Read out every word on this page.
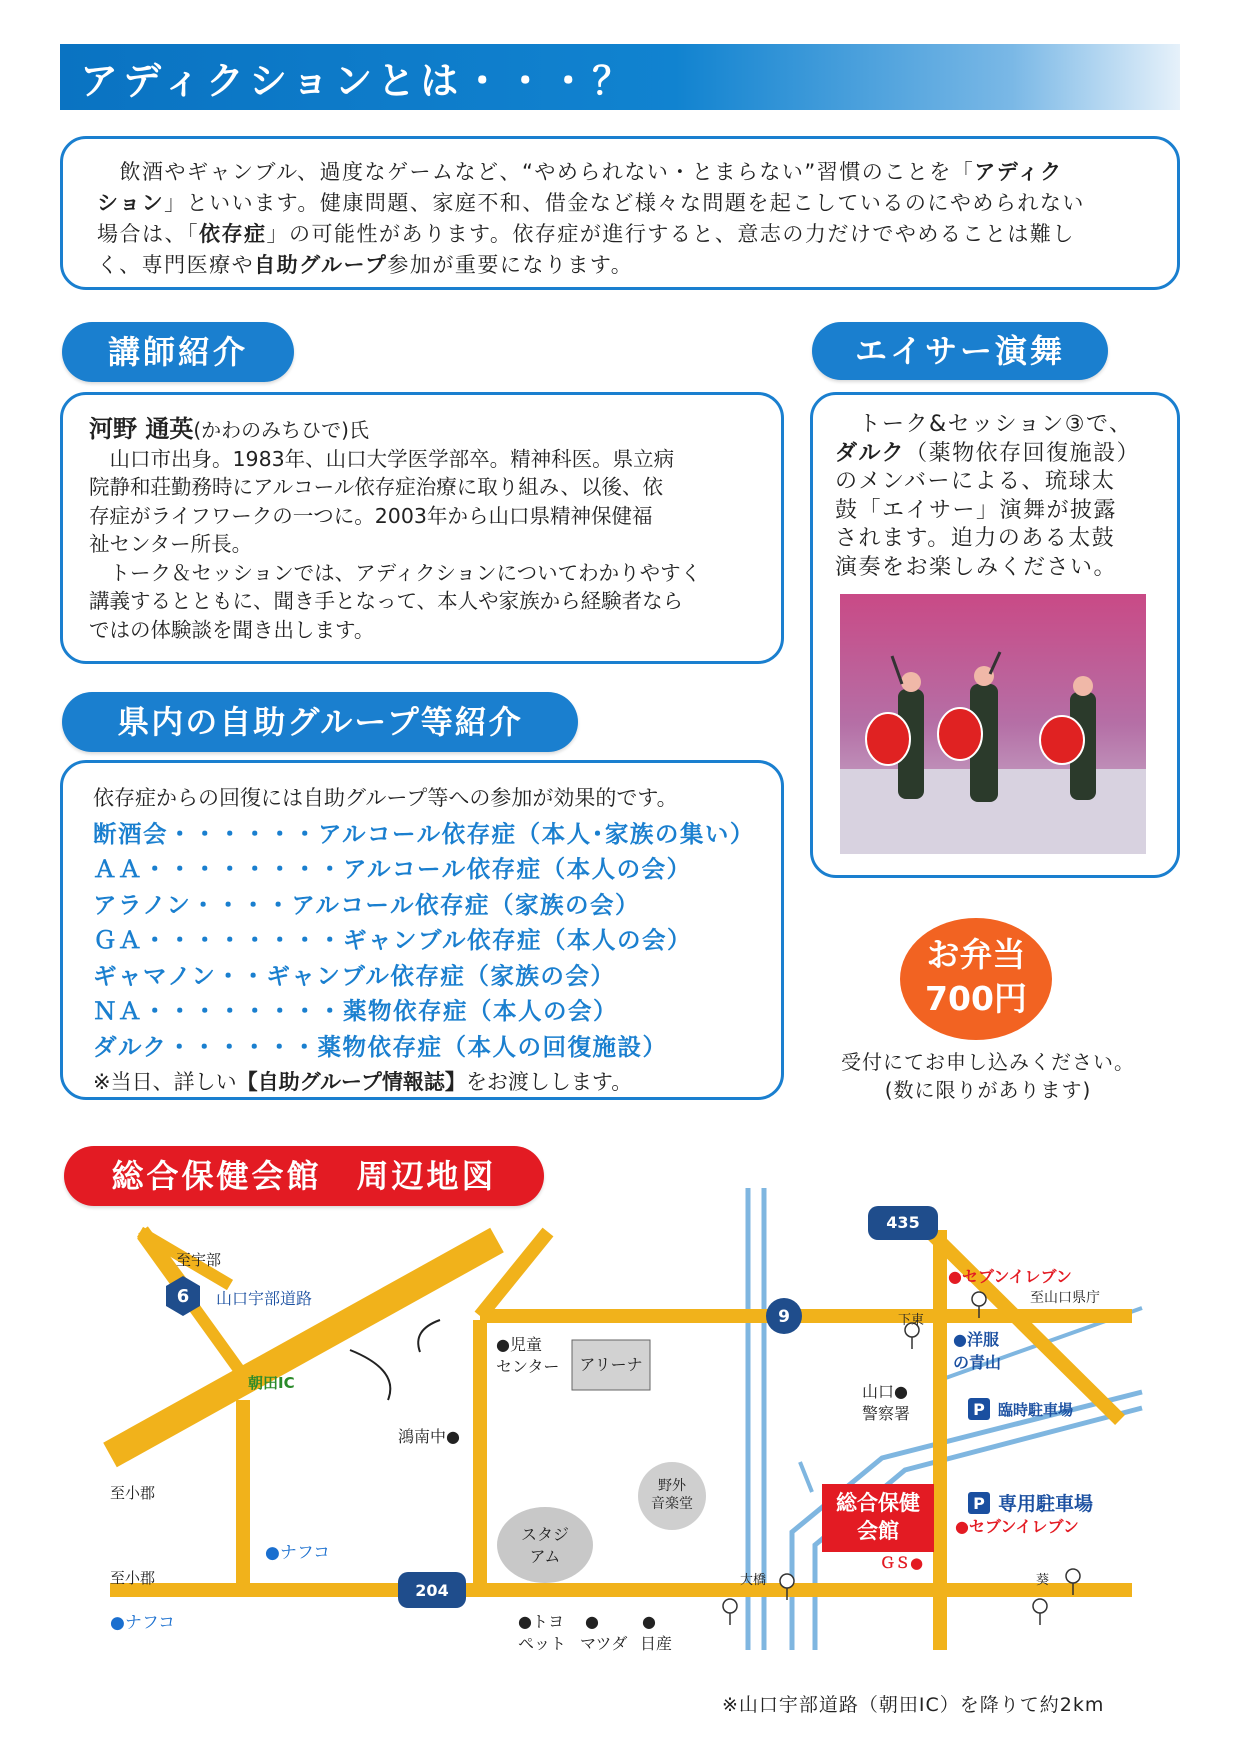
アディクションとは・・・？
　飲酒やギャンブル、過度なゲームなど、“やめられない・とまらない”習慣のことを「アディク
ション」といいます。健康問題、家庭不和、借金など様々な問題を起こしているのにやめられない
場合は、「依存症」の可能性があります。依存症が進行すると、意志の力だけでやめることは難し
く、専門医療や自助グループ参加が重要になります。
講師紹介
河野 通英(かわのみちひで)氏
　山口市出身。1983年、山口大学医学部卒。精神科医。県立病
院静和荘勤務時にアルコール依存症治療に取り組み、以後、依
存症がライフワークの一つに。2003年から山口県精神保健福
祉センター所長。
　トーク＆セッションでは、アディクションについてわかりやすく
講義するとともに、聞き手となって、本人や家族から経験者なら
ではの体験談を聞き出します。
エイサー演舞
　トーク&セッション③で、
ダルク（薬物依存回復施設）
のメンバーによる、琉球太
鼓「エイサー」演舞が披露
されます。迫力のある太鼓
演奏をお楽しみください。
県内の自助グループ等紹介
依存症からの回復には自助グループ等への参加が効果的です。
断酒会・・・・・・アルコール依存症（本人･家族の集い）
ＡＡ・・・・・・・・アルコール依存症（本人の会）
アラノン・・・・アルコール依存症（家族の会）
ＧＡ・・・・・・・・ギャンブル依存症（本人の会）
ギャマノン・・ギャンブル依存症（家族の会）
ＮＡ・・・・・・・・薬物依存症（本人の会）
ダルク・・・・・・薬物依存症（本人の回復施設）
※当日、詳しい【自助グループ情報誌】をお渡しします。
お弁当
700円
受付にてお申し込みください。
(数に限りがあります)
総合保健会館　周辺地図
至宇部
6 山口宇部道路
朝田IC
至小郡
至小郡
●ナフコ
●ナフコ
204
9
435
●児童
センター アリーナ
鴻南中●
野外
音楽堂
スタジ
アム
●トヨ
ペット
●
マツダ
●
日産
●セブンイレブン
至山口県庁
下東
●洋服
の青山
山口●
警察署	P 臨時駐車場
総合保健
会館
P 専用駐車場
●セブンイレブン
ＧＳ●
大橋	葵
※山口宇部道路（朝田IC）を降りて約2km
